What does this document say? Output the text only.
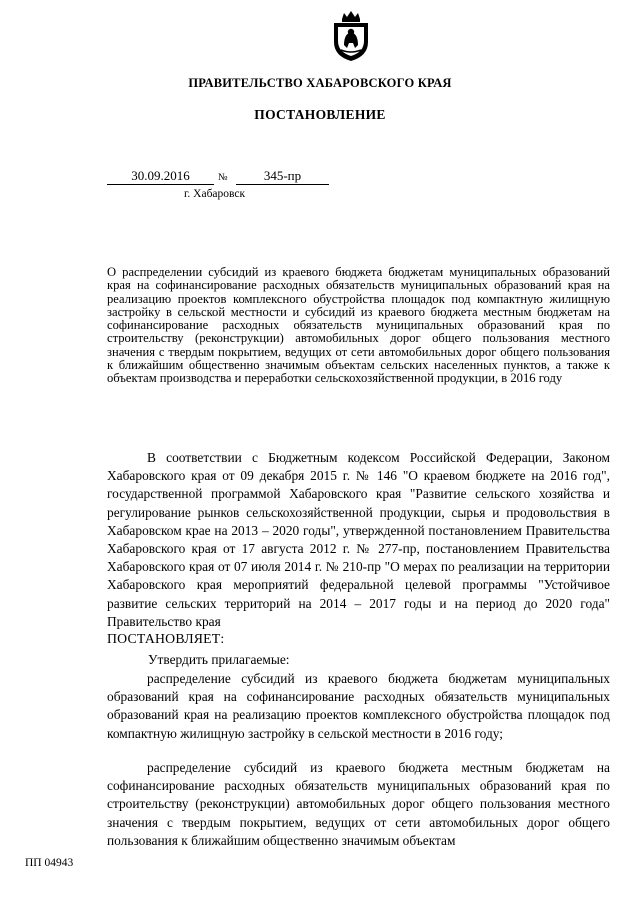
ПРАВИТЕЛЬСТВО ХАБАРОВСКОГО КРАЯ
ПОСТАНОВЛЕНИЕ
30.09.2016	№	345-пр
г. Хабаровск
О распределении субсидий из краевого бюджета бюджетам муниципальных образований края на софинансирование расходных обязательств муниципальных образований края на реализацию проектов комплексного обустройства площадок под компактную жилищную застройку в сельской местности и субсидий из краевого бюджета местным бюджетам на софинансирование расходных обязательств муниципальных образований края по строительству (реконструкции) автомобильных дорог общего пользования местного значения с твердым покрытием, ведущих от сети автомобильных дорог общего пользования к ближайшим общественно значимым объектам сельских населенных пунктов, а также к объектам производства и переработки сельскохозяйственной продукции, в 2016 году
В соответствии с Бюджетным кодексом Российской Федерации, Законом Хабаровского края от 09 декабря 2015 г. № 146 "О краевом бюджете на 2016 год", государственной программой Хабаровского края "Развитие сельского хозяйства и регулирование рынков сельскохозяйственной продукции, сырья и продовольствия в Хабаровском крае на 2013 – 2020 годы", утвержденной постановлением Правительства Хабаровского края от 17 августа 2012 г. № 277-пр, постановлением Правительства Хабаровского края от 07 июля 2014 г. № 210-пр "О мерах по реализации на территории Хабаровского края мероприятий федеральной целевой программы "Устойчивое развитие сельских территорий на 2014 – 2017 годы и на период до 2020 года" Правительство края
ПОСТАНОВЛЯЕТ:
Утвердить прилагаемые:
распределение субсидий из краевого бюджета бюджетам муниципальных образований края на софинансирование расходных обязательств муниципальных образований края на реализацию проектов комплексного обустройства площадок под компактную жилищную застройку в сельской местности в 2016 году;
распределение субсидий из краевого бюджета местным бюджетам на софинансирование расходных обязательств муниципальных образований края по строительству (реконструкции) автомобильных дорог общего пользования местного значения с твердым покрытием, ведущих от сети автомобильных дорог общего пользования к ближайшим общественно значимым объектам
ПП 04943
